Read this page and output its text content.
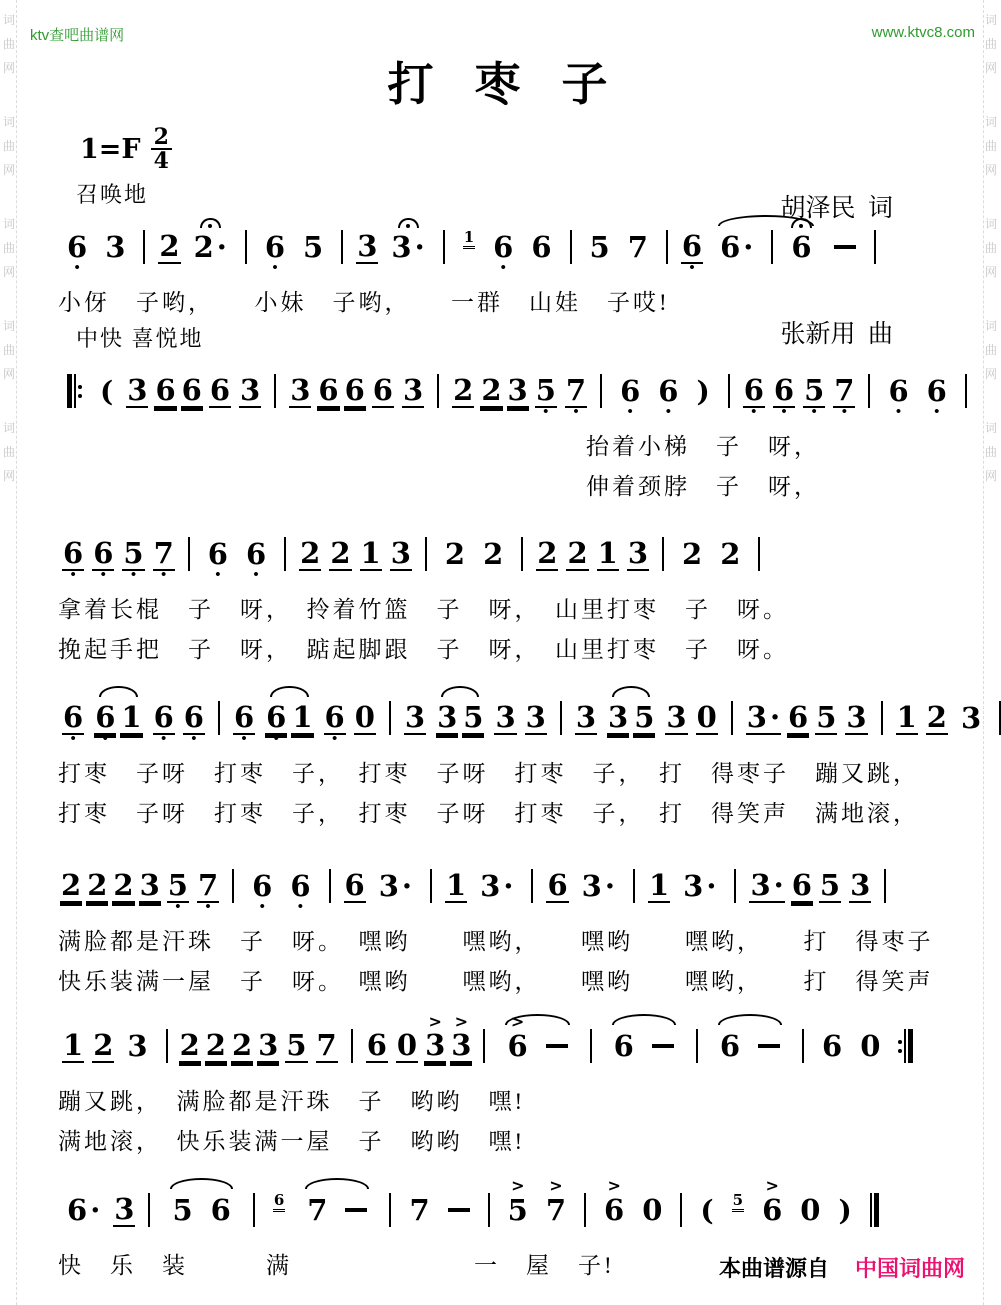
词
曲
网
词
曲
网
词
曲
网
词
曲
网
词
曲
网
词
曲
网
词
曲
网
词
曲
网
词
曲
网
词
曲
网
ktv查吧曲谱网	www.ktvc8.com
打  枣  子

胡泽民  词

张新用  曲

$1=F \frac{2}{4}$
召唤地
6
•
3 2 2 · 6
•
5 3 3 ·	1 6
•
6 5 7 6
•
6 · 6
小伢　子哟，　　小妹　子哟，　　一群　山娃　子哎!
中快 喜悦地
( 3 6 6 6 3 3 6 6 6 3 2 2 3 5
•
7
•
6
•
6
•
) 6
•
6
•
5
•
7
•
6
•
6
•
抬着小梯　子　呀，
伸着颈脖　子　呀，
6
•
6
•
5
•
7
•
6
•
6
•
2 2 1 3 2 2 2 2 1 3 2 2
拿着长棍　子　呀，　拎着竹篮　子　呀，　山里打枣　子　呀。
挽起手把　子　呀，　踮起脚跟　子　呀，　山里打枣　子　呀。
6
•
6
•
1 6
•
6
•
6
•
6
•
1 6
•
0 3 3 5 3 3 3 3 5 3 0 3 · 6 5 3 1 2 3
打枣　子呀　打枣　子，　打枣　子呀　打枣　子，　打　得枣子　蹦又跳，
打枣　子呀　打枣　子，　打枣　子呀　打枣　子，　打　得笑声　满地滚，
2 2 2 3 5
•
7
•
6
•
6
•
6 3 · 1 3 · 6 3 · 1 3 · 3 · 6 5 3
满脸都是汗珠　子　呀。　嘿哟　　嘿哟，　　嘿哟　　嘿哟，　　打　得枣子
快乐装满一屋　子　呀。　嘿哟　　嘿哟，　　嘿哟　　嘿哟，　　打　得笑声
1 2 3 2 2 2 3 5 7 6 0
>
3
>
3
>
6	6	6	6 0
蹦又跳，　满脸都是汗珠　子　哟哟　嘿!
满地滚，　快乐装满一屋　子　哟哟　嘿!
6 · 3 5 6	6 7	7
>
5
>
7
>
6 0 ( 5
>
6 0 )
快　乐　装　　　满　　　　　　　一　屋　子!	本曲谱源自 中国词曲网
